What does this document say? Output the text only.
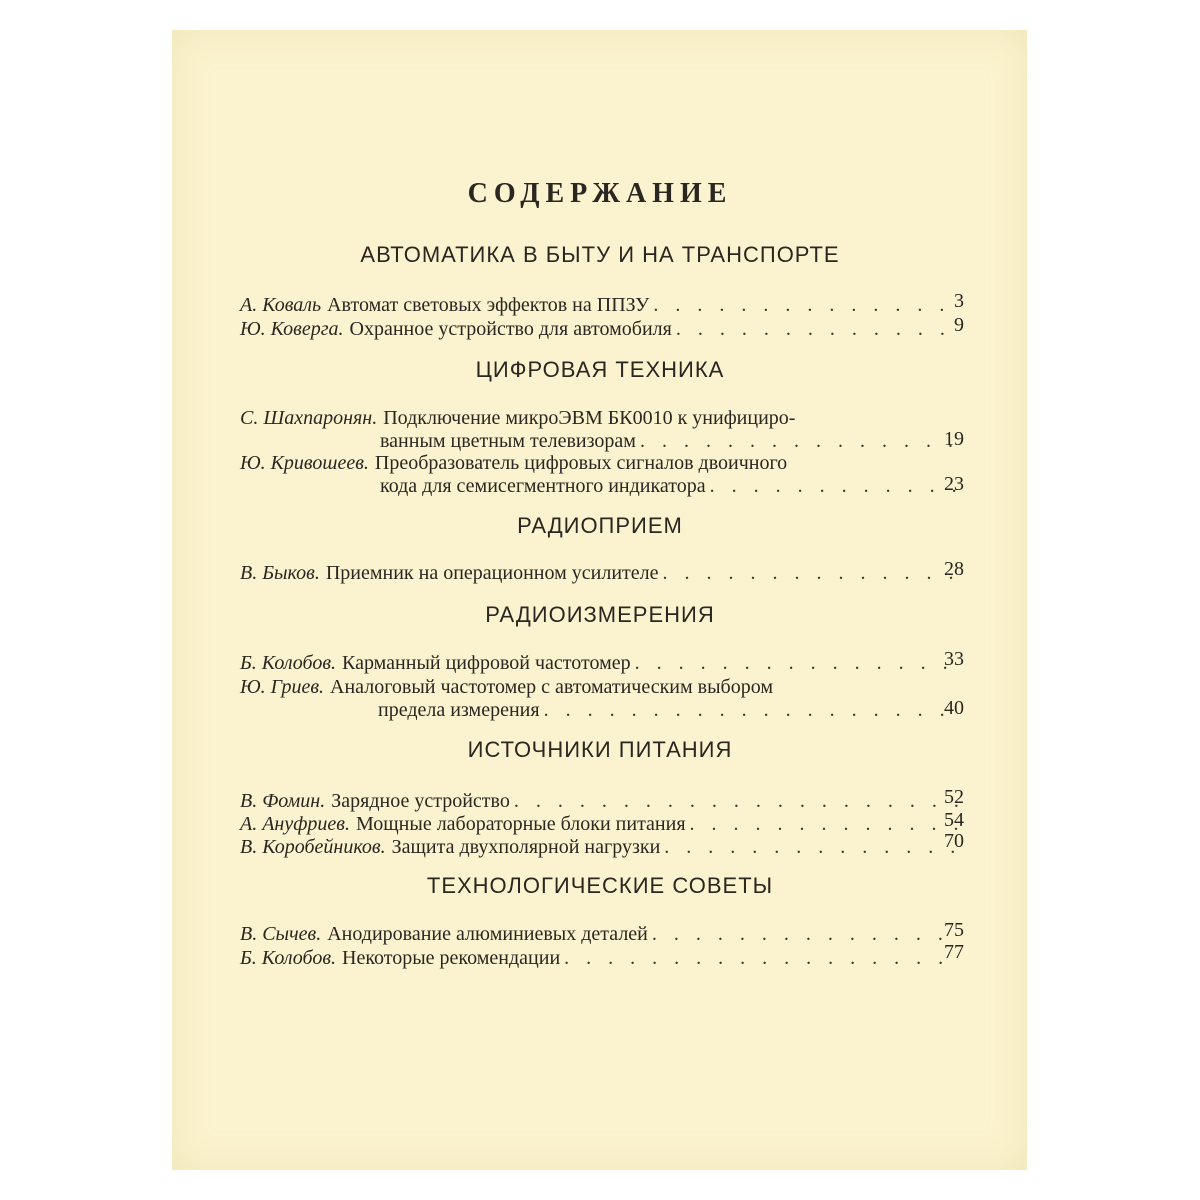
СОДЕРЖАНИЕ
АВТОМАТИКА В БЫТУ И НА ТРАНСПОРТЕ
А. Коваль Автомат световых эффектов на ППЗУ . . .	3
Ю. Коверга. Охранное устройство для автомобиля . . .	9
ЦИФРОВАЯ ТЕХНИКА
С. Шахпаронян. Подключение микроЭВМ БК0010 к унифициро-
ванным цветным телевизорам . . .	19
Ю. Кривошеев. Преобразователь цифровых сигналов двоичного
кода для семисегментного индикатора . . .	23
РАДИОПРИЕМ
В. Быков. Приемник на операционном усилителе . . .	28
РАДИОИЗМЕРЕНИЯ
Б. Колобов. Карманный цифровой частотомер . . .	33
Ю. Гриев. Аналоговый частотомер с автоматическим выбором
предела измерения . . .	40
ИСТОЧНИКИ ПИТАНИЯ
В. Фомин. Зарядное устройство . . .	52
А. Ануфриев. Мощные лабораторные блоки питания . . .	54
В. Коробейников. Защита двухполярной нагрузки . . .	70
ТЕХНОЛОГИЧЕСКИЕ СОВЕТЫ
В. Сычев. Анодирование алюминиевых деталей . . .	75
Б. Колобов. Некоторые рекомендации . . .	77
